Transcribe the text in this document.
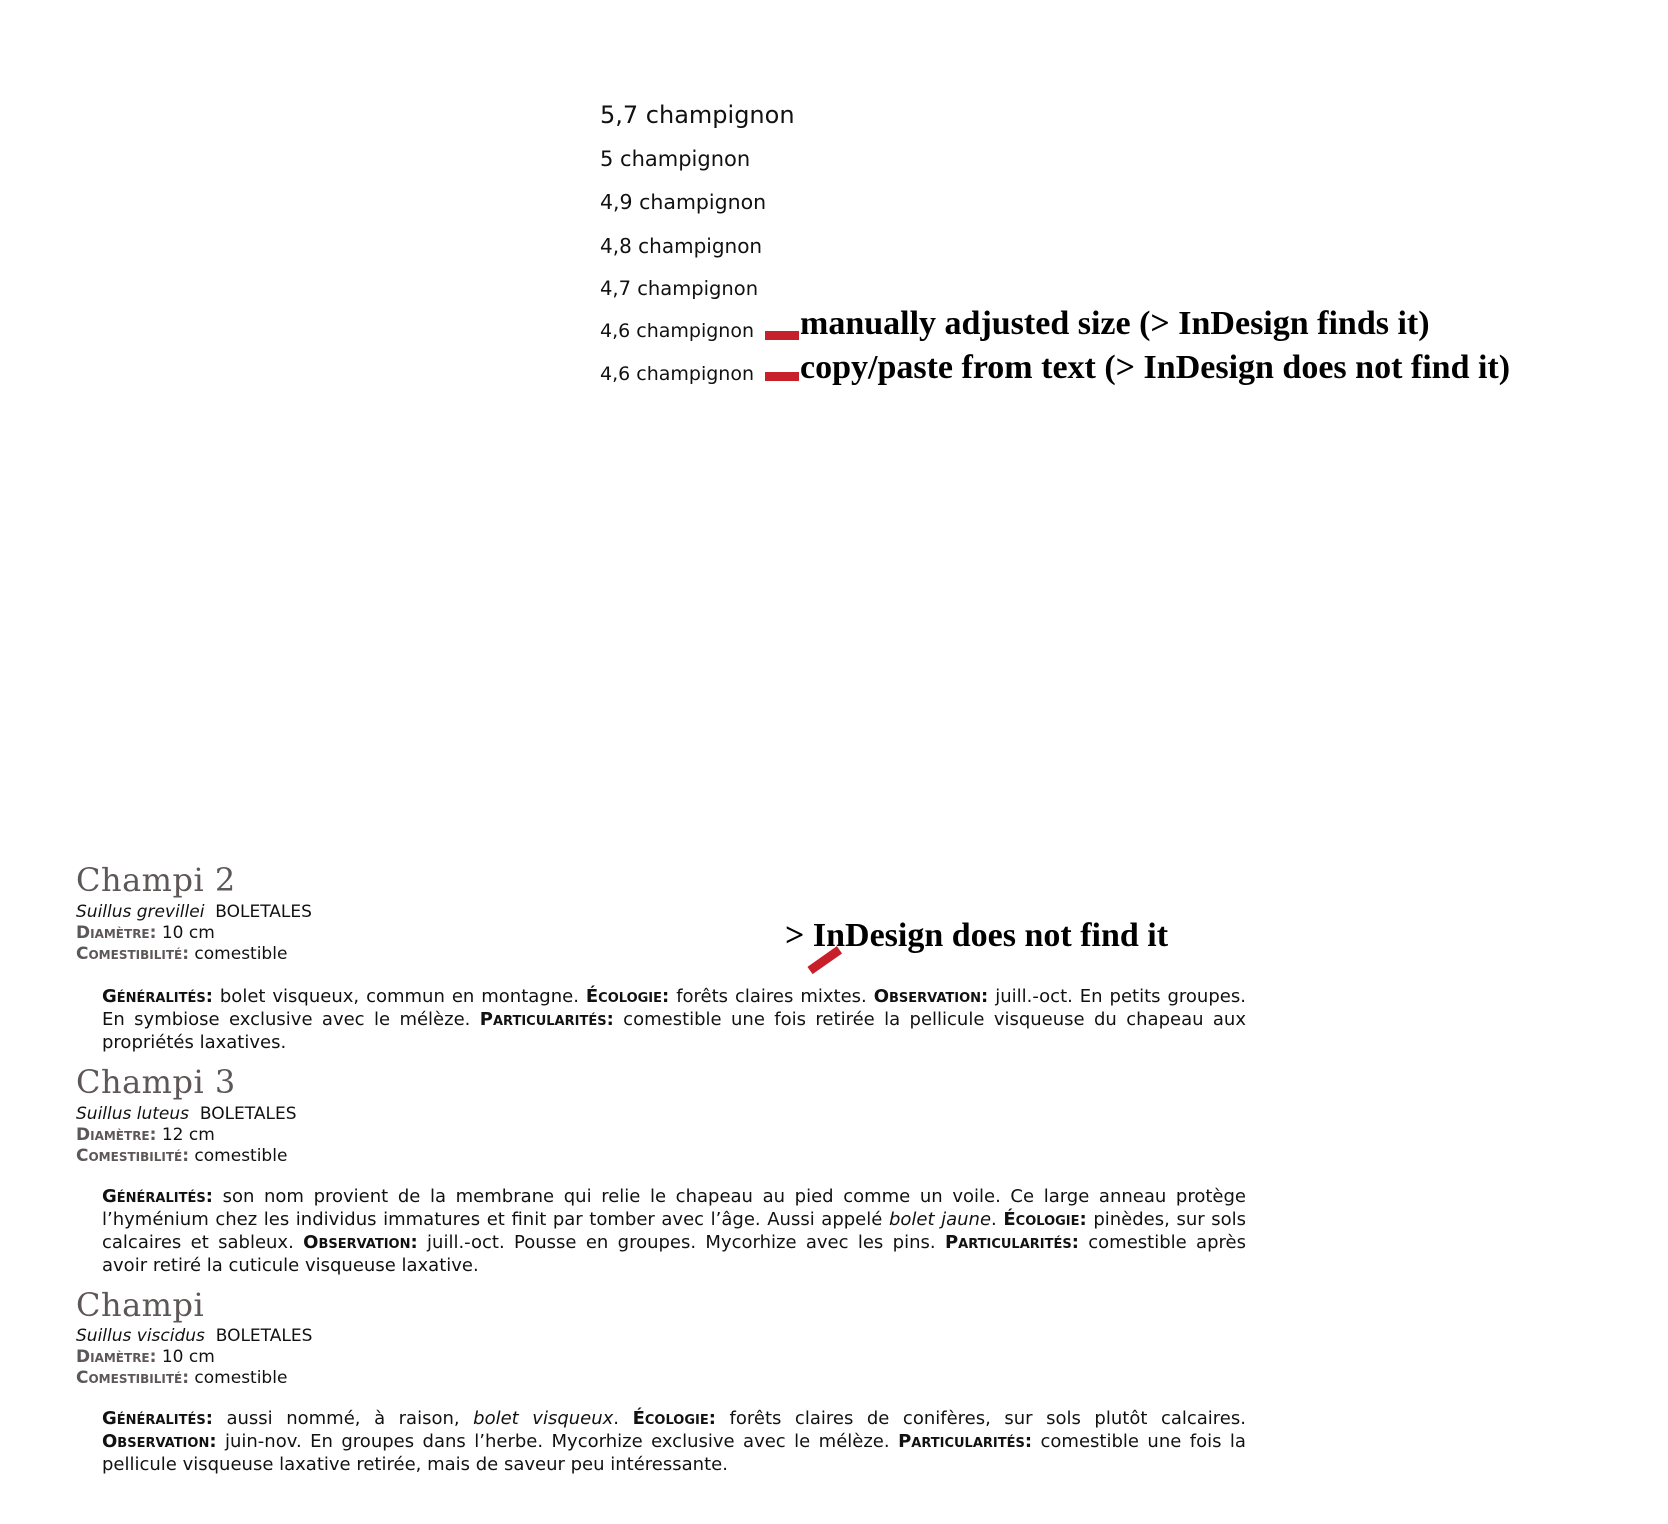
5,7 champignon
5 champignon
4,9 champignon
4,8 champignon
4,7 champignon
4,6 champignon
4,6 champignon
manually adjusted size (> InDesign finds it)
copy/paste from text (> InDesign does not find it)
> InDesign does not find it
Champi 2
Suillus grevillei BOLETALES
Diamètre: 10 cm
Comestibilité: comestible
Généralités: bolet visqueux, commun en montagne. Écologie: forêts claires mixtes. Observation: juill.-oct. En petits groupes. En symbiose exclusive avec le mélèze. Particularités: comestible une fois retirée la pellicule visqueuse du chapeau aux propriétés laxatives.
Champi 3
Suillus luteus BOLETALES
Diamètre: 12 cm
Comestibilité: comestible
Généralités: son nom provient de la membrane qui relie le chapeau au pied comme un voile. Ce large anneau protège l’hyménium chez les individus immatures et finit par tomber avec l’âge. Aussi appelé bolet jaune. Écologie: pinèdes, sur sols calcaires et sableux. Observation: juill.-oct. Pousse en groupes. Mycorhize avec les pins. Particularités: comestible après avoir retiré la cuticule visqueuse laxative.
Champi
Suillus viscidus BOLETALES
Diamètre: 10 cm
Comestibilité: comestible
Généralités: aussi nommé, à raison, bolet visqueux. Écologie: forêts claires de conifères, sur sols plutôt calcaires. Observation: juin-nov. En groupes dans l’herbe. Mycorhize exclusive avec le mélèze. Particularités: comestible une fois la pellicule visqueuse laxative retirée, mais de saveur peu intéressante.
